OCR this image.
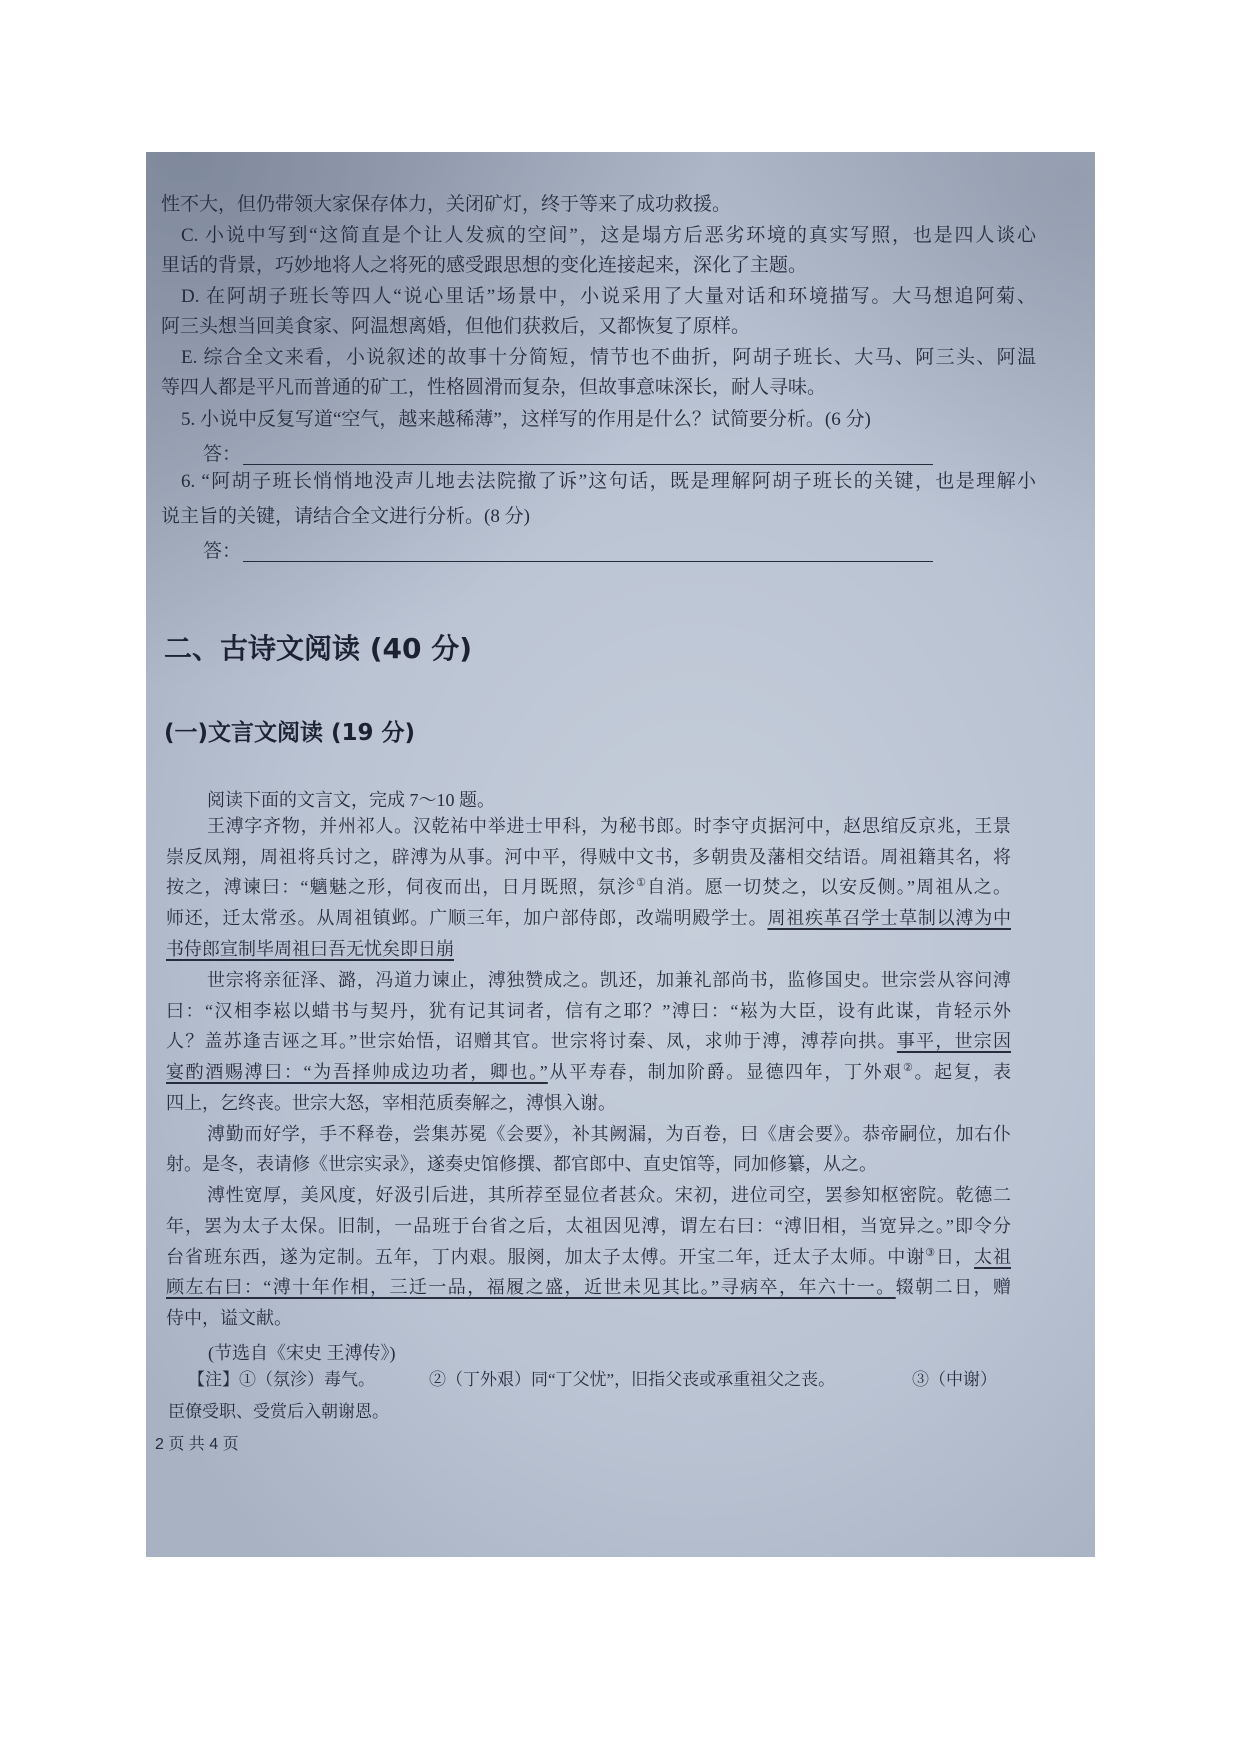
性不大，但仍带领大家保存体力，关闭矿灯，终于等来了成功救援。
C. 小说中写到“这简直是个让人发疯的空间”，这是塌方后恶劣环境的真实写照，也是四人谈心
里话的背景，巧妙地将人之将死的感受跟思想的变化连接起来，深化了主题。
D. 在阿胡子班长等四人“说心里话”场景中，小说采用了大量对话和环境描写。大马想追阿菊、
阿三头想当回美食家、阿温想离婚，但他们获救后，又都恢复了原样。
E. 综合全文来看，小说叙述的故事十分简短，情节也不曲折，阿胡子班长、大马、阿三头、阿温
等四人都是平凡而普通的矿工，性格圆滑而复杂，但故事意味深长，耐人寻味。
5. 小说中反复写道“空气，越来越稀薄”，这样写的作用是什么？试简要分析。(6 分)
答：
6. “阿胡子班长悄悄地没声儿地去法院撤了诉”这句话，既是理解阿胡子班长的关键，也是理解小
说主旨的关键，请结合全文进行分析。(8 分)
答：
二、古诗文阅读 (40 分)
(一)文言文阅读 (19 分)
阅读下面的文言文，完成 7～10 题。
王溥字齐物，并州祁人。汉乾祐中举进士甲科，为秘书郎。时李守贞据河中，赵思绾反京兆，王景
崇反凤翔，周祖将兵讨之，辟溥为从事。河中平，得贼中文书，多朝贵及藩相交结语。周祖籍其名，将
按之，溥谏曰：“魑魅之形，伺夜而出，日月既照，氛沴①自消。愿一切焚之，以安反侧。”周祖从之。
师还，迁太常丞。从周祖镇邺。广顺三年，加户部侍郎，改端明殿学士。周祖疾革召学士草制以溥为中
书侍郎宣制毕周祖曰吾无忧矣即日崩
世宗将亲征泽、潞，冯道力谏止，溥独赞成之。凯还，加兼礼部尚书，监修国史。世宗尝从容问溥
曰：“汉相李崧以蜡书与契丹，犹有记其词者，信有之耶？”溥曰：“崧为大臣，设有此谋，肯轻示外
人？盖苏逢吉诬之耳。”世宗始悟，诏赠其官。世宗将讨秦、凤，求帅于溥，溥荐向拱。事平，世宗因
宴酌酒赐溥曰：“为吾择帅成边功者，卿也。”从平寿春，制加阶爵。显德四年，丁外艰②。起复，表
四上，乞终丧。世宗大怒，宰相范质奏解之，溥惧入谢。
溥勤而好学，手不释卷，尝集苏冕《会要》，补其阙漏，为百卷，曰《唐会要》。恭帝嗣位，加右仆
射。是冬，表请修《世宗实录》，遂奏史馆修撰、都官郎中、直史馆等，同加修纂，从之。
溥性宽厚，美风度，好汲引后进，其所荐至显位者甚众。宋初，进位司空，罢参知枢密院。乾德二
年，罢为太子太保。旧制，一品班于台省之后，太祖因见溥，谓左右曰：“溥旧相，当宽异之。”即令分
台省班东西，遂为定制。五年，丁内艰。服阕，加太子太傅。开宝二年，迁太子太师。中谢③日，太祖
顾左右曰：“溥十年作相，三迁一品，福履之盛，近世未见其比。”寻病卒，年六十一。辍朝二日，赠
侍中，谥文献。
(节选自《宋史 王溥传》)
【注】①（氛沴）毒气。	②（丁外艰）同“丁父忧”，旧指父丧或承重祖父之丧。	③（中谢）
臣僚受职、受赏后入朝谢恩。
2 页 共 4 页
